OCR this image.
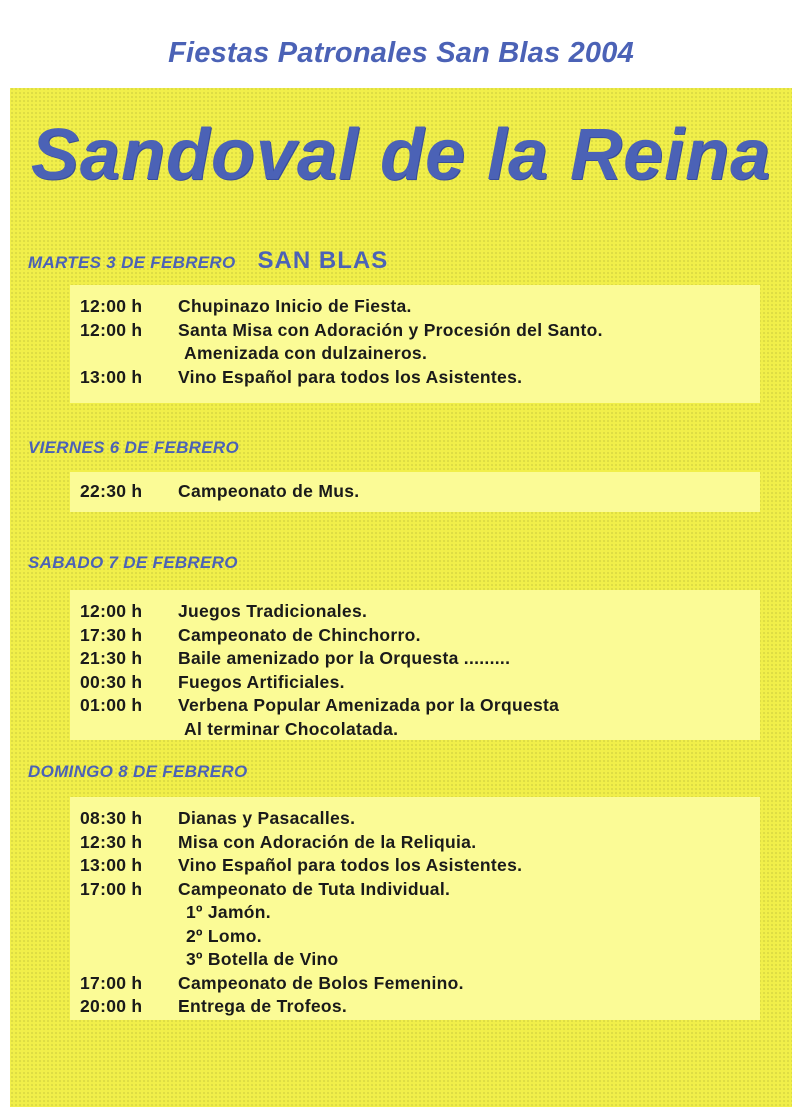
Fiestas Patronales San Blas 2004
Sandoval de la Reina
MARTES 3 DE FEBRERO SAN BLAS
12:00 h	Chupinazo Inicio de Fiesta.
12:00 h	Santa Misa con Adoración y Procesión del Santo.
Amenizada con dulzaineros.
13:00 h	Vino Español para todos los Asistentes.
VIERNES 6 DE FEBRERO
22:30 h	Campeonato de Mus.
SABADO 7 DE FEBRERO
12:00 h	Juegos Tradicionales.
17:30 h	Campeonato de Chinchorro.
21:30 h	Baile amenizado por la Orquesta .........
00:30 h	Fuegos Artificiales.
01:00 h	Verbena Popular Amenizada por la Orquesta
Al terminar Chocolatada.
DOMINGO 8 DE FEBRERO
08:30 h	Dianas y Pasacalles.
12:30 h	Misa con Adoración de la Reliquia.
13:00 h	Vino Español para todos los Asistentes.
17:00 h	Campeonato de Tuta Individual.
1º Jamón.
2º Lomo.
3º Botella de Vino
17:00 h	Campeonato de Bolos Femenino.
20:00 h	Entrega de Trofeos.
